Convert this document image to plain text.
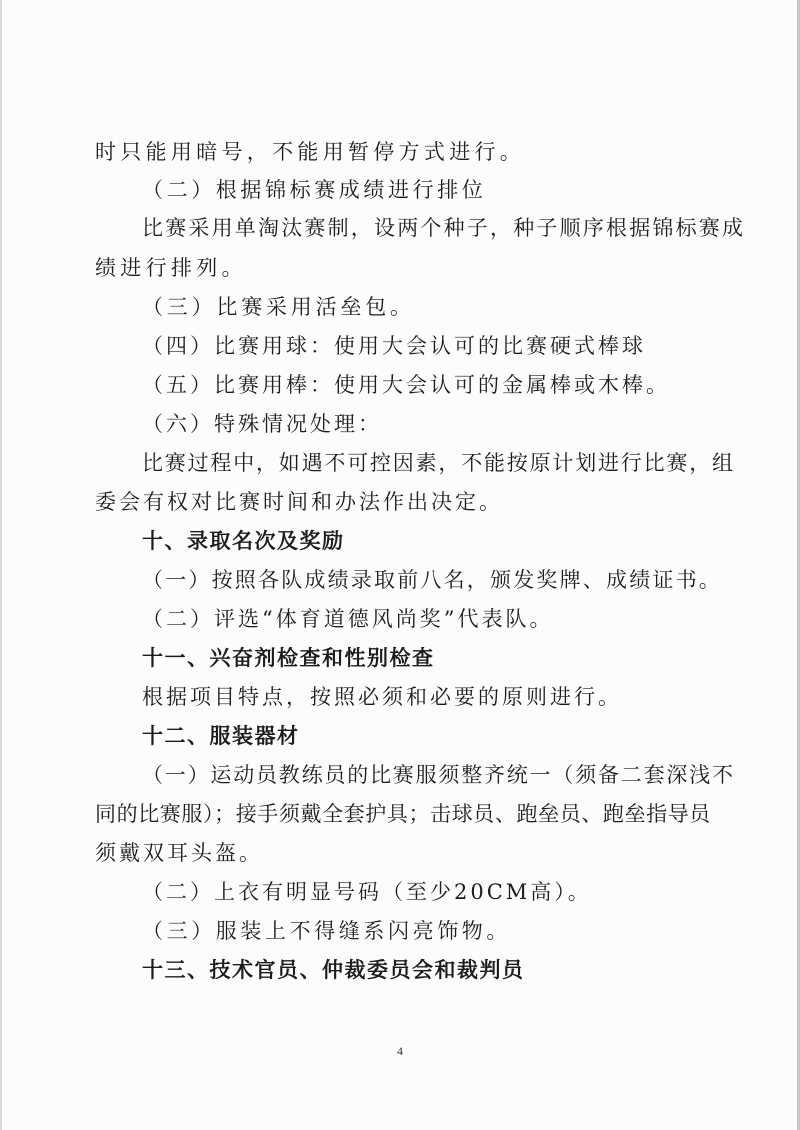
时只能用暗号，不能用暂停方式进行。
（二）根据锦标赛成绩进行排位
比赛采用单淘汰赛制，设两个种子，种子顺序根据锦标赛成
绩进行排列。
（三）比赛采用活垒包。
（四）比赛用球：使用大会认可的比赛硬式棒球
（五）比赛用棒：使用大会认可的金属棒或木棒。
（六）特殊情况处理：
比赛过程中，如遇不可控因素，不能按原计划进行比赛，组
委会有权对比赛时间和办法作出决定。
十、录取名次及奖励
（一）按照各队成绩录取前八名，颁发奖牌、成绩证书。
（二）评选“体育道德风尚奖”代表队。
十一、兴奋剂检查和性别检查
根据项目特点，按照必须和必要的原则进行。
十二、服装器材
（一）运动员教练员的比赛服须整齐统一（须备二套深浅不
同的比赛服）；接手须戴全套护具；击球员、跑垒员、跑垒指导员
须戴双耳头盔。
（二）上衣有明显号码（至少20CM高）。
（三）服装上不得缝系闪亮饰物。
十三、技术官员、仲裁委员会和裁判员
4
